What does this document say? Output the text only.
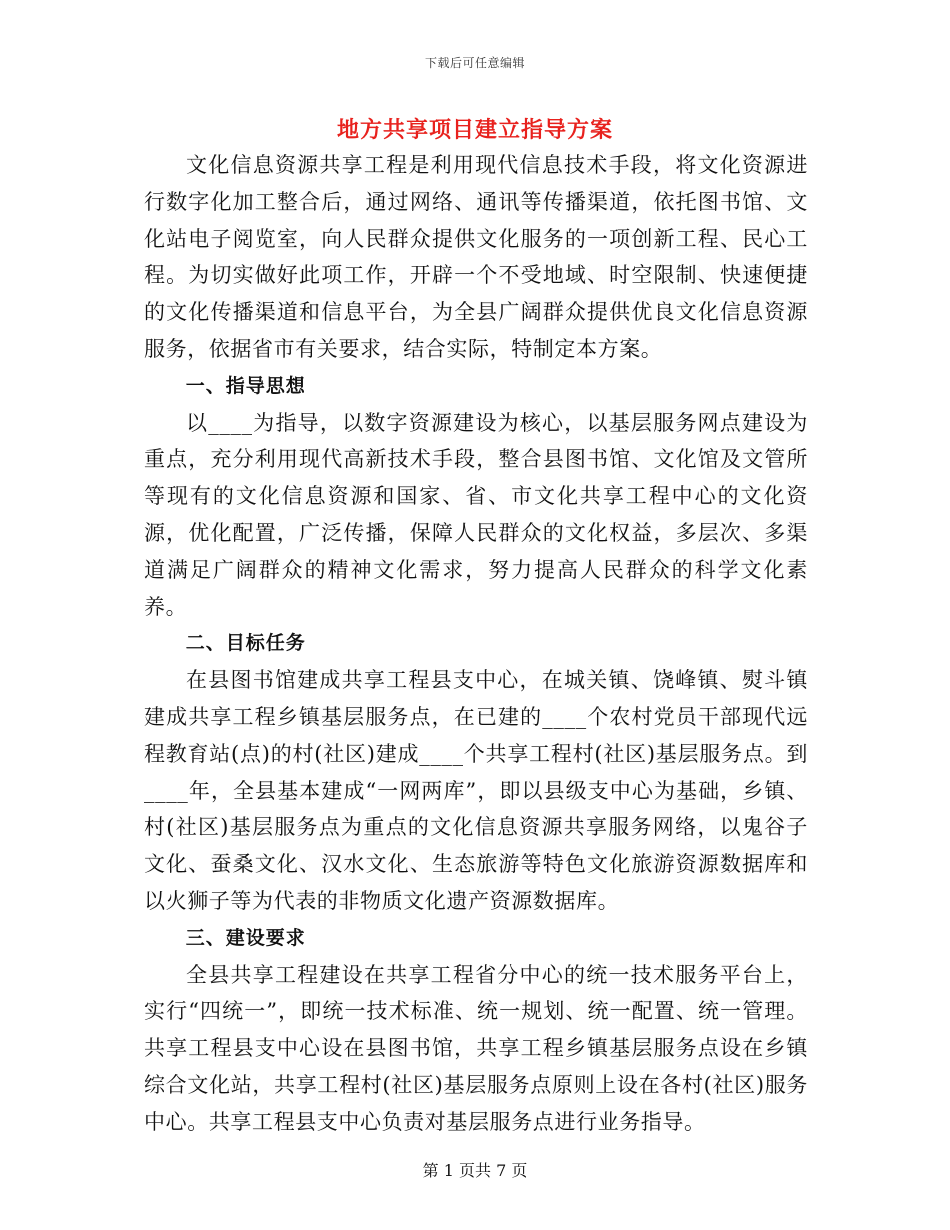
下载后可任意编辑
地方共享项目建立指导方案

文化信息资源共享工程是利用现代信息技术手段，将文化资源进行数字化加工整合后，通过网络、通讯等传播渠道，依托图书馆、文化站电子阅览室，向人民群众提供文化服务的一项创新工程、民心工程。为切实做好此项工作，开辟一个不受地域、时空限制、快速便捷的文化传播渠道和信息平台，为全县广阔群众提供优良文化信息资源服务，依据省市有关要求，结合实际，特制定本方案。

一、指导思想

以____为指导，以数字资源建设为核心，以基层服务网点建设为重点，充分利用现代高新技术手段，整合县图书馆、文化馆及文管所等现有的文化信息资源和国家、省、市文化共享工程中心的文化资源，优化配置，广泛传播，保障人民群众的文化权益，多层次、多渠道满足广阔群众的精神文化需求，努力提高人民群众的科学文化素养。

二、目标任务

在县图书馆建成共享工程县支中心，在城关镇、饶峰镇、熨斗镇建成共享工程乡镇基层服务点，在已建的____个农村党员干部现代远程教育站(点)的村(社区)建成____个共享工程村(社区)基层服务点。到____年，全县基本建成“一网两库”，即以县级支中心为基础，乡镇、村(社区)基层服务点为重点的文化信息资源共享服务网络，以鬼谷子文化、蚕桑文化、汉水文化、生态旅游等特色文化旅游资源数据库和以火狮子等为代表的非物质文化遗产资源数据库。

三、建设要求

全县共享工程建设在共享工程省分中心的统一技术服务平台上，实行“四统一”，即统一技术标准、统一规划、统一配置、统一管理。共享工程县支中心设在县图书馆，共享工程乡镇基层服务点设在乡镇综合文化站，共享工程村(社区)基层服务点原则上设在各村(社区)服务中心。共享工程县支中心负责对基层服务点进行业务指导。

第 1 页共 7 页
